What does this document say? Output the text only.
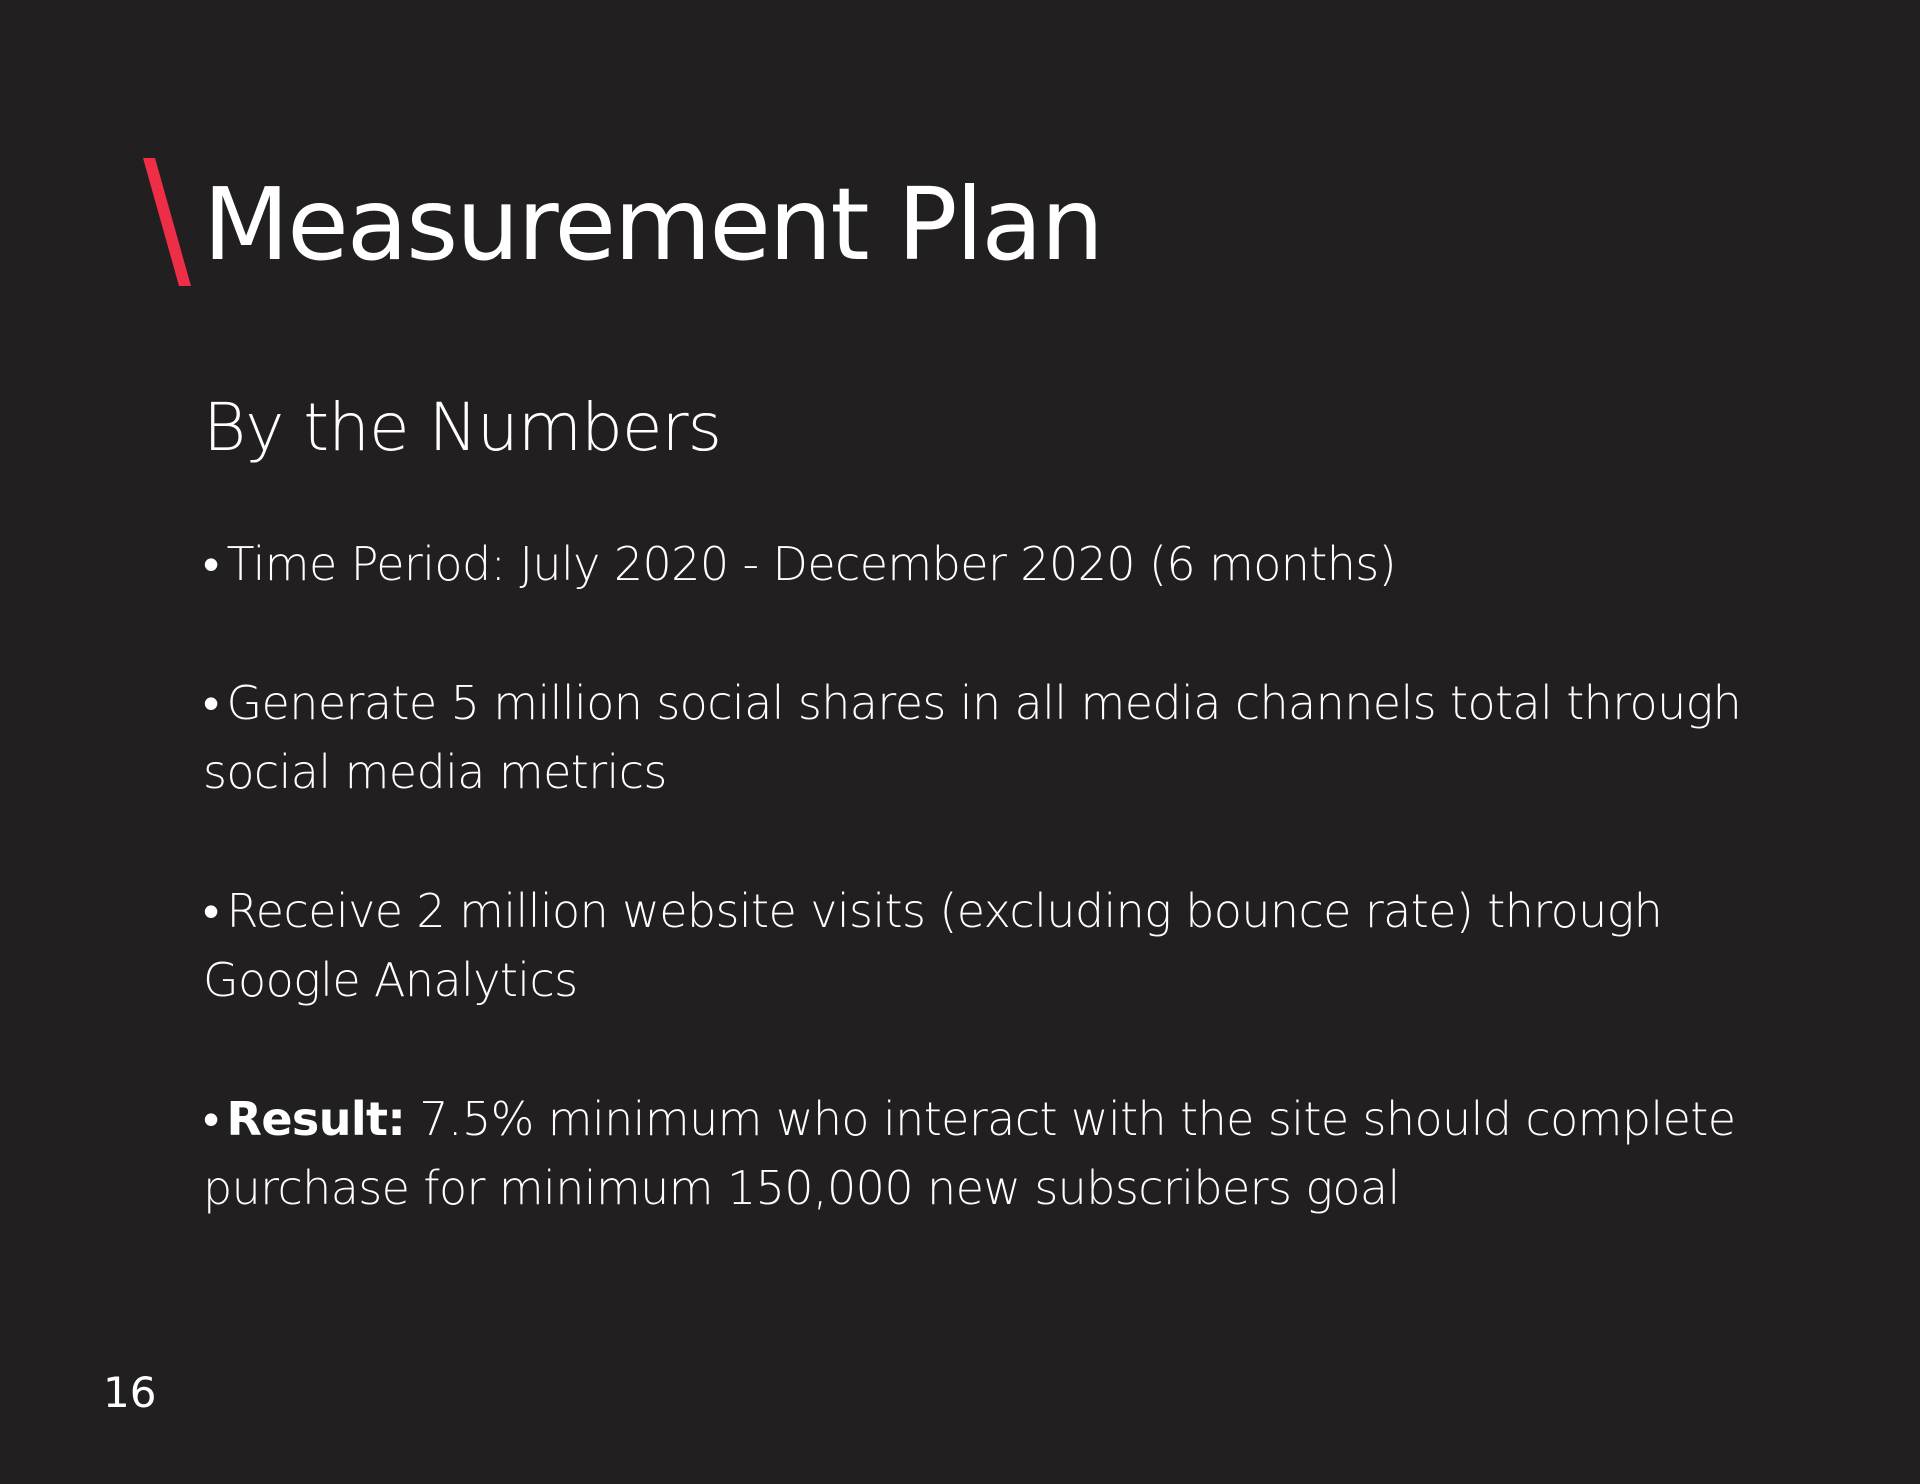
Measurement Plan
By the Numbers
• Time Period: July 2020 - December 2020 (6 months)
• Generate 5 million social shares in all media channels total through social media metrics
• Receive 2 million website visits (excluding bounce rate) through Google Analytics
• Result: 7.5% minimum who interact with the site should complete purchase for minimum 150,000 new subscribers goal
16
